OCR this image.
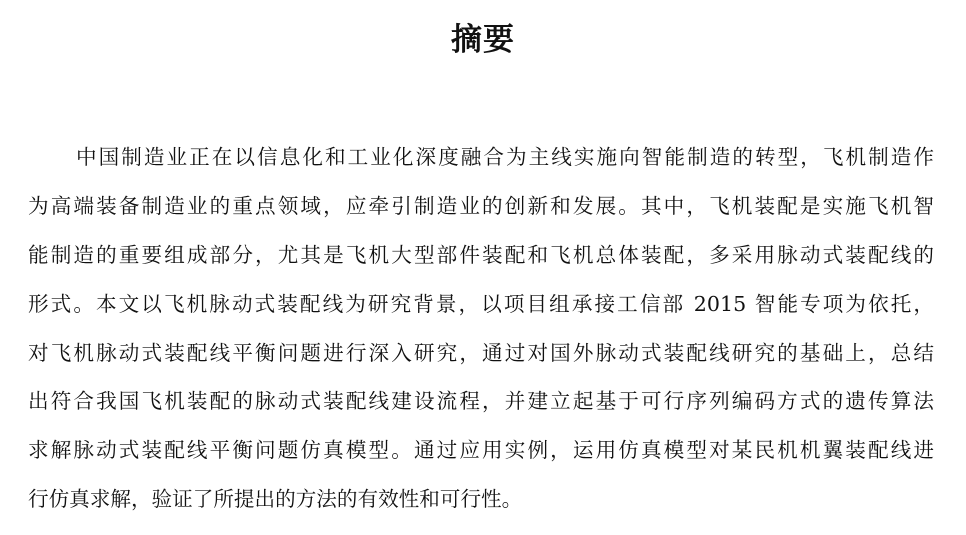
摘要
中国制造业正在以信息化和工业化深度融合为主线实施向智能制造的转型，飞机制造作
为高端装备制造业的重点领域，应牵引制造业的创新和发展。其中，飞机装配是实施飞机智
能制造的重要组成部分，尤其是飞机大型部件装配和飞机总体装配，多采用脉动式装配线的
形式。本文以飞机脉动式装配线为研究背景，以项目组承接工信部 2015 智能专项为依托，
对飞机脉动式装配线平衡问题进行深入研究，通过对国外脉动式装配线研究的基础上，总结
出符合我国飞机装配的脉动式装配线建设流程，并建立起基于可行序列编码方式的遗传算法
求解脉动式装配线平衡问题仿真模型。通过应用实例，运用仿真模型对某民机机翼装配线进
行仿真求解，验证了所提出的方法的有效性和可行性。
